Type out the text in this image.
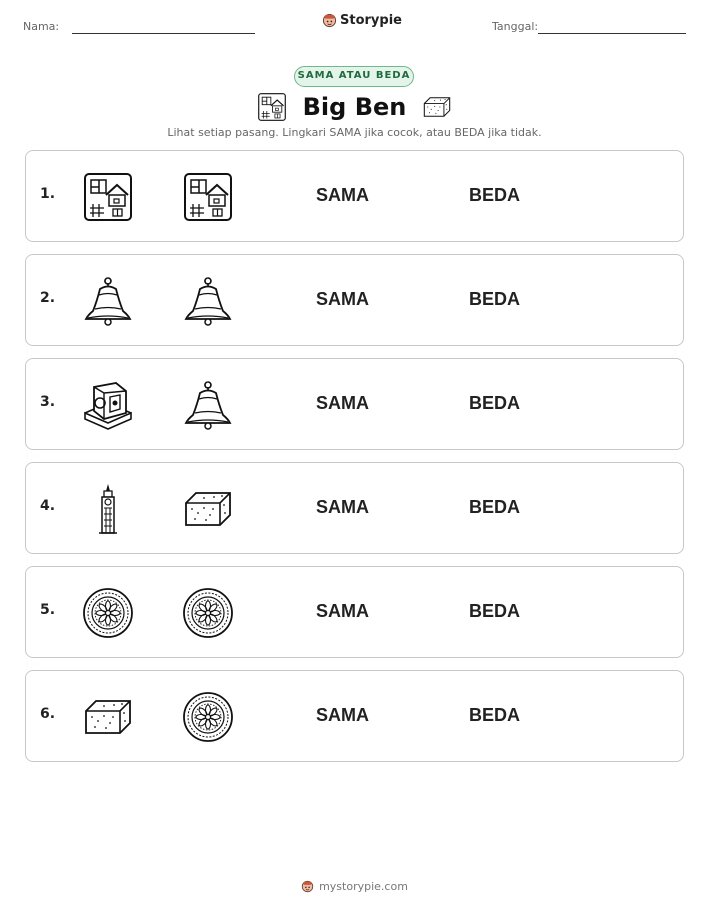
Nama:	Storypie	Tanggal:
SAMA ATAU BEDA
Big Ben
Lihat setiap pasang. Lingkari SAMA jika cocok, atau BEDA jika tidak.
1.	SAMA	BEDA
2.	SAMA	BEDA
3.	SAMA	BEDA
4.	SAMA	BEDA
5.	SAMA	BEDA
6.	SAMA	BEDA
mystorypie.com
